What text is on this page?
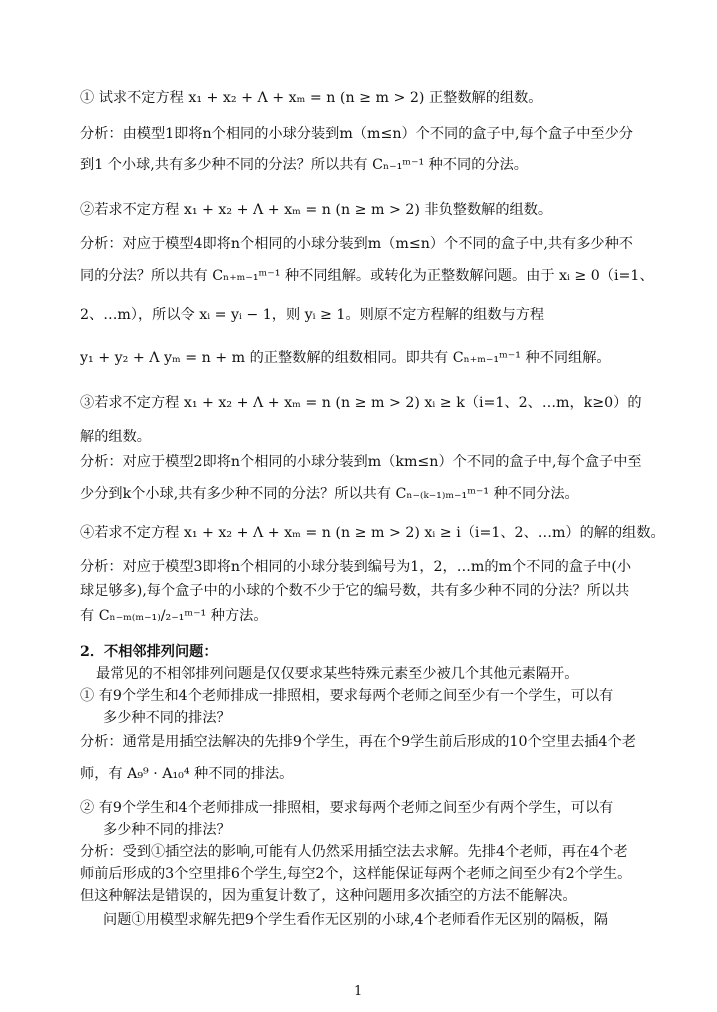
① 试求不定方程 x₁ + x₂ + Λ + xₘ = n (n ≥ m > 2) 正整数解的组数。
分析：由模型1即将n个相同的小球分装到m（m≤n）个不同的盒子中,每个盒子中至少分
到1 个小球,共有多少种不同的分法？所以共有 Cₙ₋₁ᵐ⁻¹ 种不同的分法。
②若求不定方程 x₁ + x₂ + Λ + xₘ = n (n ≥ m > 2) 非负整数解的组数。
分析：对应于模型4即将n个相同的小球分装到m（m≤n）个不同的盒子中,共有多少种不
同的分法？所以共有 Cₙ₊ₘ₋₁ᵐ⁻¹ 种不同组解。或转化为正整数解问题。由于 xᵢ ≥ 0（i=1、
2、…m），所以令 xᵢ = yᵢ − 1，则 yᵢ ≥ 1。则原不定方程解的组数与方程
y₁ + y₂ + Λ yₘ = n + m 的正整数解的组数相同。即共有 Cₙ₊ₘ₋₁ᵐ⁻¹ 种不同组解。
③若求不定方程 x₁ + x₂ + Λ + xₘ = n (n ≥ m > 2) xᵢ ≥ k（i=1、2、…m，k≥0）的
解的组数。
分析：对应于模型2即将n个相同的小球分装到m（km≤n）个不同的盒子中,每个盒子中至
少分到k个小球,共有多少种不同的分法？所以共有 Cₙ₋₍ₖ₋₁₎ₘ₋₁ᵐ⁻¹ 种不同分法。
④若求不定方程 x₁ + x₂ + Λ + xₘ = n (n ≥ m > 2) xᵢ ≥ i（i=1、2、…m）的解的组数。
分析：对应于模型3即将n个相同的小球分装到编号为1，2，…m的m个不同的盒子中(小
球足够多),每个盒子中的小球的个数不少于它的编号数，共有多少种不同的分法？所以共
有 Cₙ₋ₘ₍ₘ₋₁₎/₂₋₁ᵐ⁻¹ 种方法。
2．不相邻排列问题：
最常见的不相邻排列问题是仅仅要求某些特殊元素至少被几个其他元素隔开。
① 有9个学生和4个老师排成一排照相，要求每两个老师之间至少有一个学生，可以有
多少种不同的排法？
分析：通常是用插空法解决的先排9个学生，再在个9学生前后形成的10个空里去插4个老
师，有 A₉⁹ · A₁₀⁴ 种不同的排法。
② 有9个学生和4个老师排成一排照相，要求每两个老师之间至少有两个学生，可以有
多少种不同的排法？
分析：受到①插空法的影响,可能有人仍然采用插空法去求解。先排4个老师，再在4个老
师前后形成的3个空里排6个学生,每空2个，这样能保证每两个老师之间至少有2个学生。
但这种解法是错误的，因为重复计数了，这种问题用多次插空的方法不能解决。
问题①用模型求解先把9个学生看作无区别的小球,4个老师看作无区别的隔板，隔
1
